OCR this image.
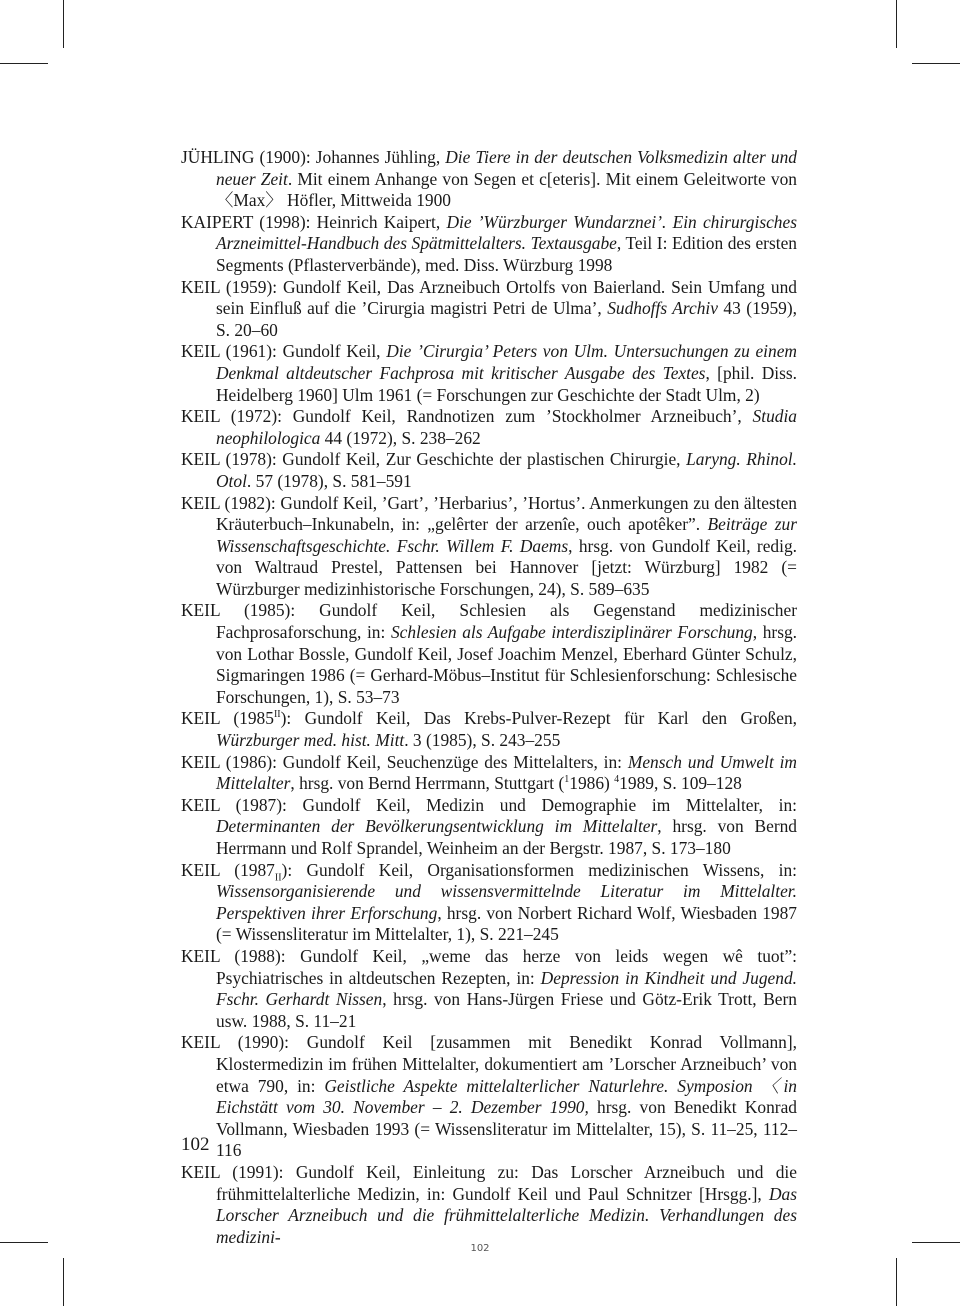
JÜHLING (1900): Johannes Jühling, Die Tiere in der deutschen Volksmedizin alter und neuer Zeit. Mit einem Anhange von Segen et c[eteris]. Mit einem Geleitworte von 〈Max〉 Höfler, Mittweida 1900

KAIPERT (1998): Heinrich Kaipert, Die ’Würzburger Wundarznei’. Ein chirurgisches Arzneimittel-Handbuch des Spätmittelalters. Textausgabe, Teil I: Edition des ersten Segments (Pflasterverbände), med. Diss. Würzburg 1998

KEIL (1959): Gundolf Keil, Das Arzneibuch Ortolfs von Baierland. Sein Umfang und sein Einfluß auf die ’Cirurgia magistri Petri de Ulma’, Sudhoffs Archiv 43 (1959), S. 20–60

KEIL (1961): Gundolf Keil, Die ’Cirurgia’ Peters von Ulm. Untersuchungen zu einem Denkmal altdeutscher Fachprosa mit kritischer Ausgabe des Textes, [phil. Diss. Heidelberg 1960] Ulm 1961 (= Forschungen zur Geschichte der Stadt Ulm, 2)

KEIL (1972): Gundolf Keil, Randnotizen zum ’Stockholmer Arzneibuch’, Studia neophilologica 44 (1972), S. 238–262

KEIL (1978): Gundolf Keil, Zur Geschichte der plastischen Chirurgie, Laryng. Rhinol. Otol. 57 (1978), S. 581–591

KEIL (1982): Gundolf Keil, ’Gart’, ’Herbarius’, ’Hortus’. Anmerkungen zu den ältesten Kräuterbuch–Inkunabeln, in: „gelêrter der arzenîe, ouch apotêker”. Beiträge zur Wissenschaftsgeschichte. Fschr. Willem F. Daems, hrsg. von Gundolf Keil, redig. von Waltraud Prestel, Pattensen bei Hannover [jetzt: Würzburg] 1982 (= Würzburger medizinhistorische Forschungen, 24), S. 589–635

KEIL (1985): Gundolf Keil, Schlesien als Gegenstand medizinischer Fachprosaforschung, in: Schlesien als Aufgabe interdisziplinärer Forschung, hrsg. von Lothar Bossle, Gundolf Keil, Josef Joachim Menzel, Eberhard Günter Schulz, Sigmaringen 1986 (= Gerhard-Möbus–Institut für Schlesienforschung: Schlesische Forschungen, 1), S. 53–73

KEIL $(1985^{II})$: Gundolf Keil, Das Krebs-Pulver-Rezept für Karl den Großen, Würzburger med. hist. Mitt. 3 (1985), S. 243–255

KEIL (1986): Gundolf Keil, Seuchenzüge des Mittelalters, in: Mensch und Umwelt im Mittelalter, hrsg. von Bernd Herrmann, Stuttgart ($^1$1986) $^4$1989, S. 109–128

KEIL (1987): Gundolf Keil, Medizin und Demographie im Mittelalter, in: Determinanten der Bevölkerungsentwicklung im Mittelalter, hrsg. von Bernd Herrmann und Rolf Sprandel, Weinheim an der Bergstr. 1987, S. 173–180

KEIL $(1987_{II})$: Gundolf Keil, Organisationsformen medizinischen Wissens, in: Wissensorganisierende und wissensvermittelnde Literatur im Mittelalter. Perspektiven ihrer Erforschung, hrsg. von Norbert Richard Wolf, Wiesbaden 1987 (= Wissensliteratur im Mittelalter, 1), S. 221–245

KEIL (1988): Gundolf Keil, „weme das herze von leids wegen wê tuot”: Psychiatrisches in altdeutschen Rezepten, in: Depression in Kindheit und Jugend. Fschr. Gerhardt Nissen, hrsg. von Hans-Jürgen Friese und Götz-Erik Trott, Bern usw. 1988, S. 11–21

KEIL (1990): Gundolf Keil [zusammen mit Benedikt Konrad Vollmann], Klostermedizin im frühen Mittelalter, dokumentiert am ’Lorscher Arzneibuch’ von etwa 790, in: Geistliche Aspekte mittelalterlicher Naturlehre. Symposion 〈in Eichstätt vom 30. November – 2. Dezember 1990, hrsg. von Benedikt Konrad Vollmann, Wiesbaden 1993 (= Wissensliteratur im Mittelalter, 15), S. 11–25, 112–116

KEIL (1991): Gundolf Keil, Einleitung zu: Das Lorscher Arzneibuch und die frühmittelalterliche Medizin, in: Gundolf Keil und Paul Schnitzer [Hrsgg.], Das Lorscher Arzneibuch und die frühmittelalterliche Medizin. Verhandlungen des medizini-

102
102
